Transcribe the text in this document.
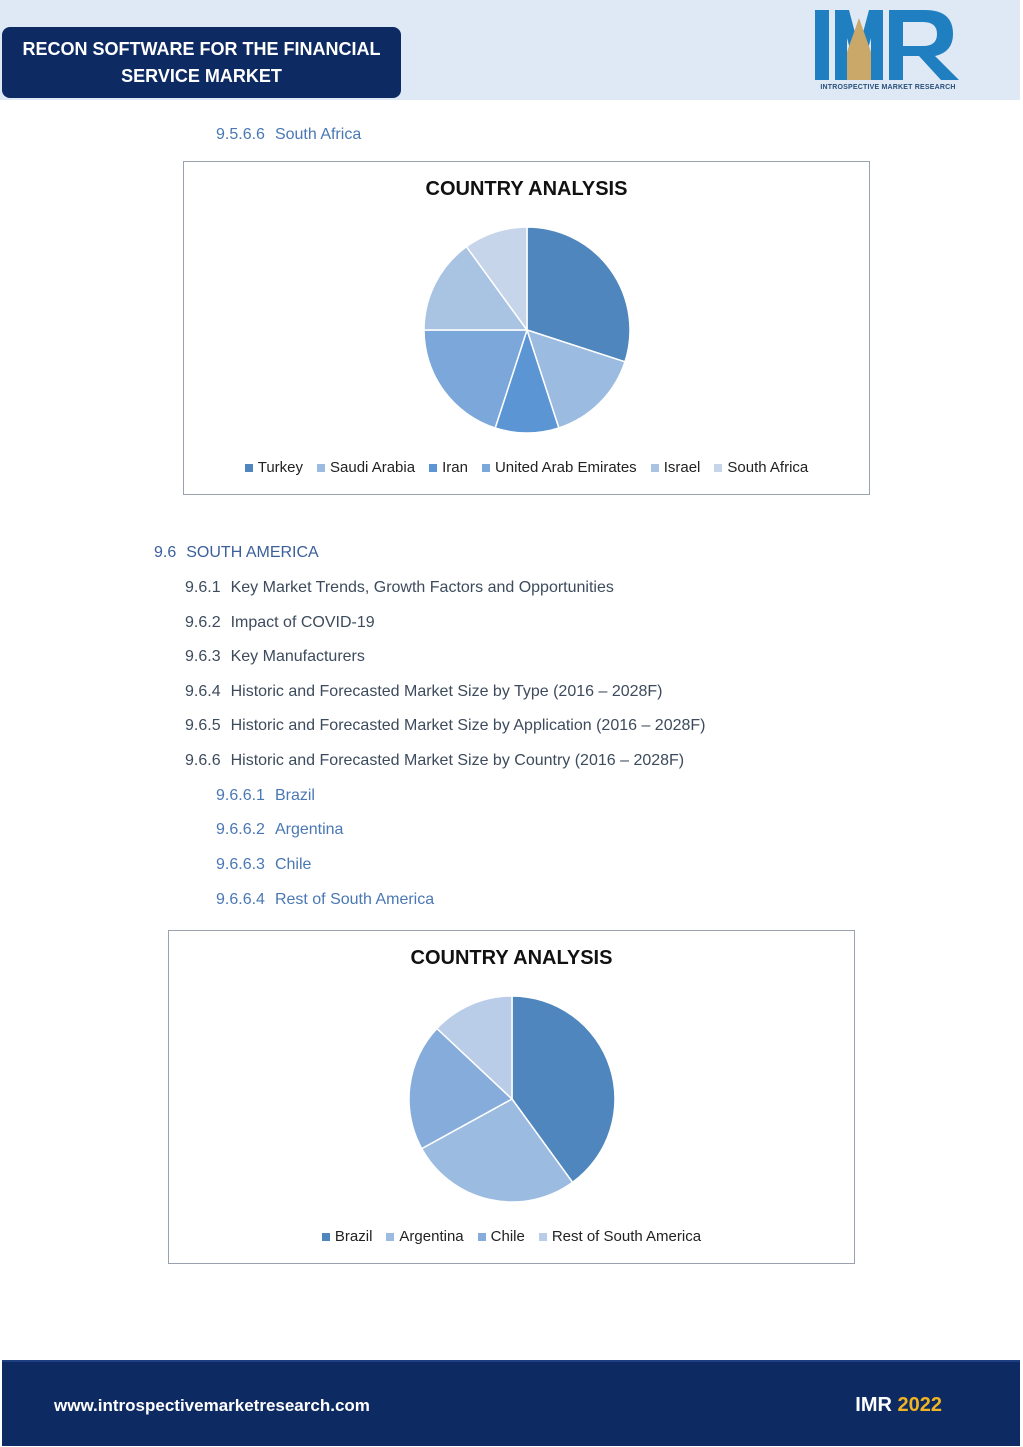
RECON SOFTWARE FOR THE FINANCIAL
SERVICE MARKET
INTROSPECTIVE MARKET RESEARCH
9.5.6.6 South Africa
COUNTRY ANALYSIS
Turkey Saudi Arabia Iran United Arab Emirates Israel South Africa
9.6 SOUTH AMERICA
9.6.1 Key Market Trends, Growth Factors and Opportunities
9.6.2 Impact of COVID-19
9.6.3 Key Manufacturers
9.6.4 Historic and Forecasted Market Size by Type (2016 – 2028F)
9.6.5 Historic and Forecasted Market Size by Application (2016 – 2028F)
9.6.6 Historic and Forecasted Market Size by Country (2016 – 2028F)
9.6.6.1 Brazil
9.6.6.2 Argentina
9.6.6.3 Chile
9.6.6.4 Rest of South America
COUNTRY ANALYSIS
Brazil Argentina Chile Rest of South America
www.introspectivemarketresearch.com	IMR 2022
